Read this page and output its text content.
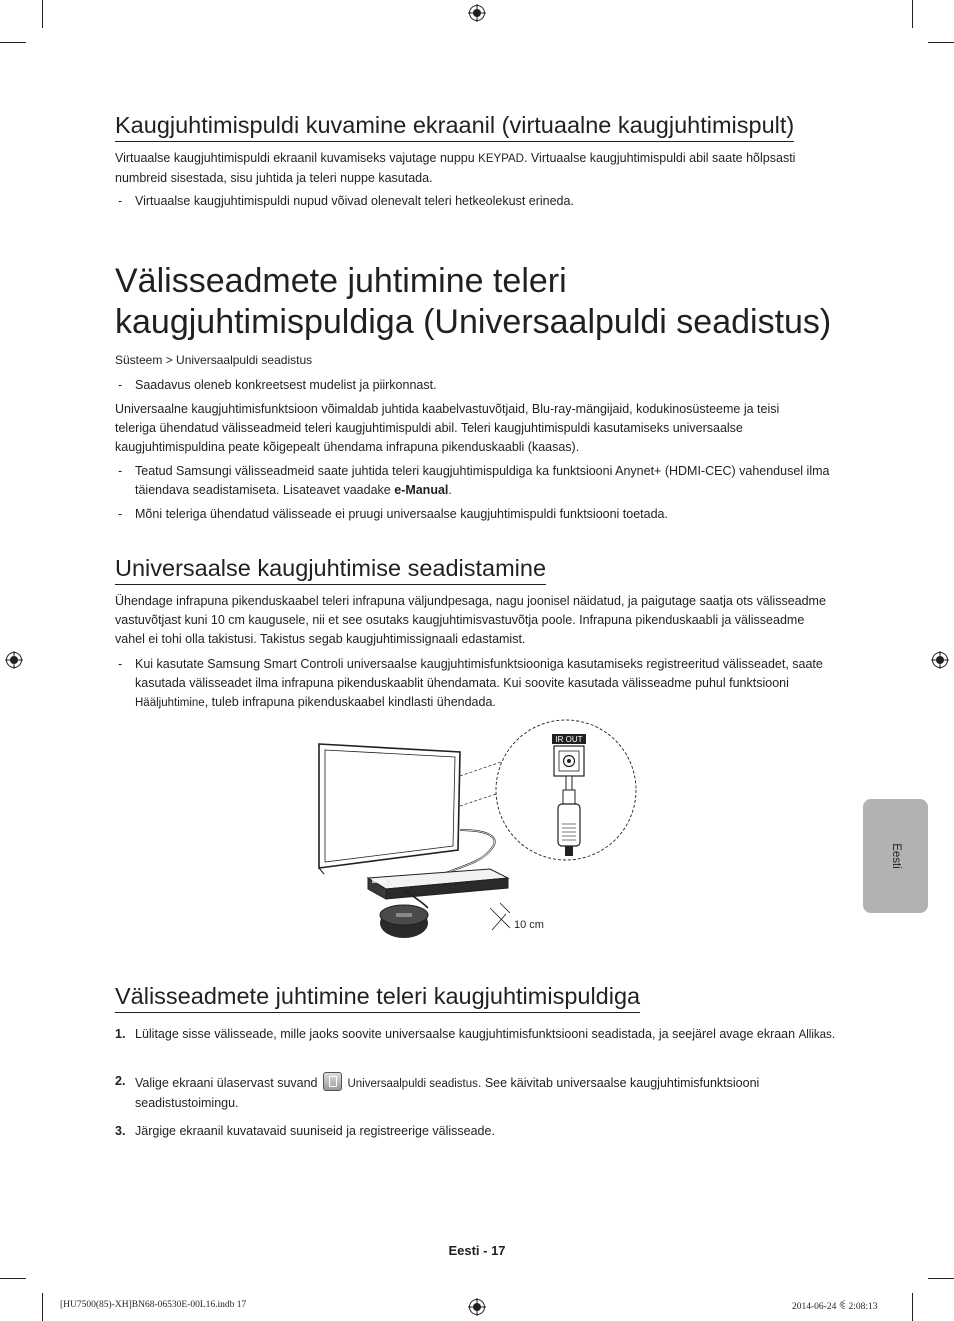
Kaugjuhtimispuldi kuvamine ekraanil (virtuaalne kaugjuhtimispult)

Virtuaalse kaugjuhtimispuldi ekraanil kuvamiseks vajutage nuppu KEYPAD. Virtuaalse kaugjuhtimispuldi abil saate hõlpsasti numbreid sisestada, sisu juhtida ja teleri nuppe kasutada.

- Virtuaalse kaugjuhtimispuldi nupud võivad olenevalt teleri hetkeolekust erineda.
Välisseadmete juhtimine teleri
kaugjuhtimispuldiga (Universaalpuldi seadistus)
Süsteem > Universaalpuldi seadistus
- Saadavus oleneb konkreetsest mudelist ja piirkonnast.

Universaalne kaugjuhtimisfunktsioon võimaldab juhtida kaabelvastuvõtjaid, Blu-ray-mängijaid, kodukinosüsteeme ja teisi teleriga ühendatud välisseadmeid teleri kaugjuhtimispuldi abil. Teleri kaugjuhtimispuldi kasutamiseks universaalse kaugjuhtimispuldina peate kõigepealt ühendama infrapuna pikenduskaabli (kaasas).

- Teatud Samsungi välisseadmeid saate juhtida teleri kaugjuhtimispuldiga ka funktsiooni Anynet+ (HDMI-CEC) vahendusel ilma täiendava seadistamiseta. Lisateavet vaadake e-Manual.
- Mõni teleriga ühendatud välisseade ei pruugi universaalse kaugjuhtimispuldi funktsiooni toetada.
Universaalse kaugjuhtimise seadistamine

Ühendage infrapuna pikenduskaabel teleri infrapuna väljundpesaga, nagu joonisel näidatud, ja paigutage saatja ots välisseadme vastuvõtjast kuni 10 cm kaugusele, nii et see osutaks kaugjuhtimisvastuvõtja poole. Infrapuna pikenduskaabli ja välisseadme vahel ei tohi olla takistusi. Takistus segab kaugjuhtimissignaali edastamist.

- Kui kasutate Samsung Smart Controli universaalse kaugjuhtimisfunktsiooniga kasutamiseks registreeritud välisseadet, saate kasutada välisseadet ilma infrapuna pikenduskaablit ühendamata. Kui soovite kasutada välisseadme puhul funktsiooni Hääljuhtimine, tuleb infrapuna pikenduskaabel kindlasti ühendada.
IR OUT
10 cm
Välisseadmete juhtimine teleri kaugjuhtimispuldiga
1. Lülitage sisse välisseade, mille jaoks soovite universaalse kaugjuhtimisfunktsiooni seadistada, ja seejärel avage ekraan Allikas.
2. Valige ekraani ülaservast suvand  Universaalpuldi seadistus. See käivitab universaalse kaugjuhtimisfunktsiooni seadistustoimingu.
3. Järgige ekraanil kuvatavaid suuniseid ja registreerige välisseade.
Eesti
Eesti - 17
[HU7500(85)-XH]BN68-06530E-00L16.indb 17	2014-06-24 ꊖ 2:08:13
